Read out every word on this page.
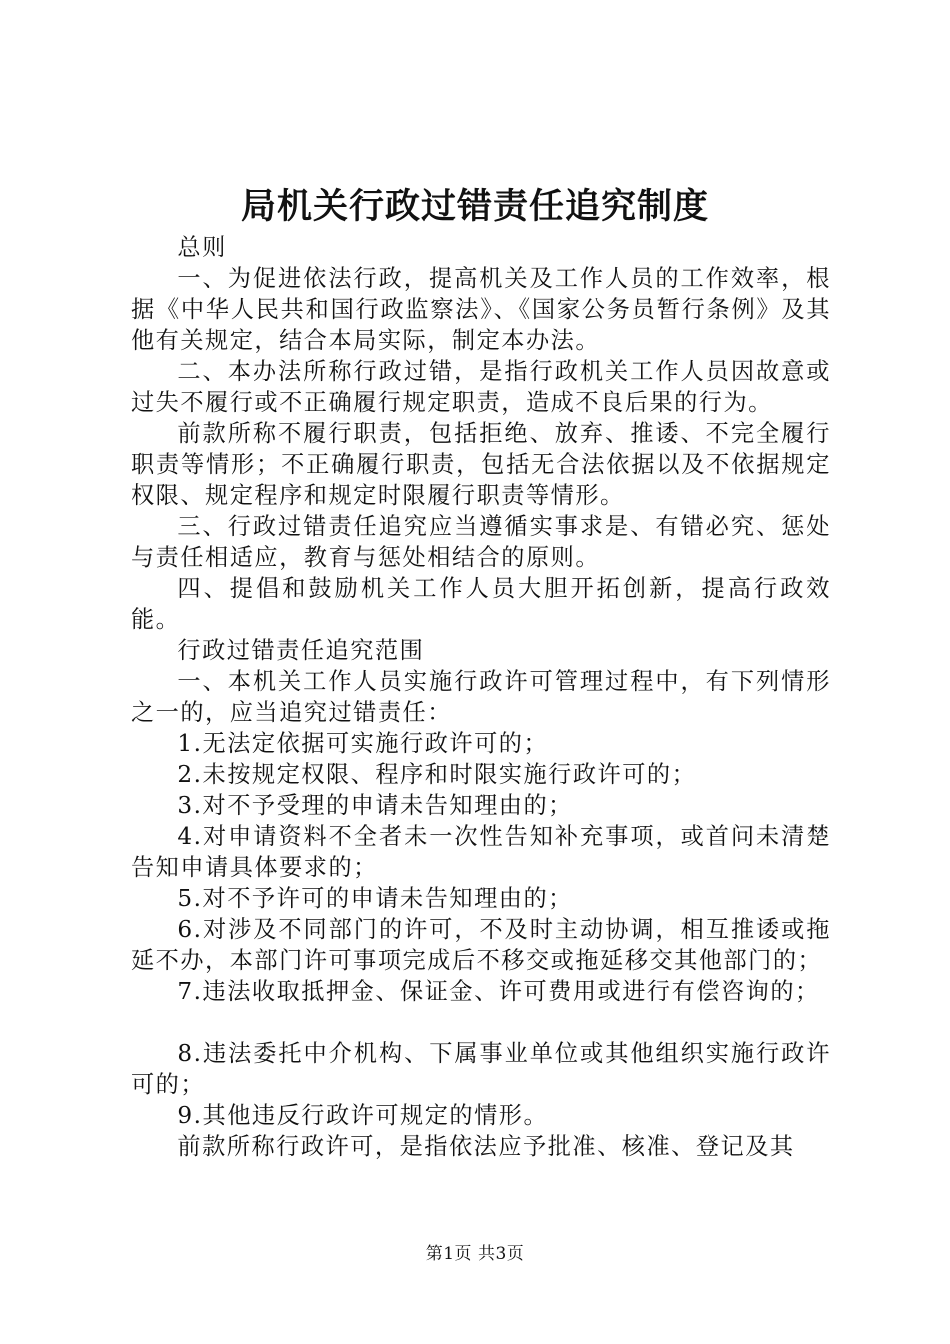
局机关行政过错责任追究制度

总则

一、为促进依法行政，提高机关及工作人员的工作效率，根据《中华人民共和国行政监察法》、《国家公务员暂行条例》及其他有关规定，结合本局实际，制定本办法。

二、本办法所称行政过错，是指行政机关工作人员因故意或过失不履行或不正确履行规定职责，造成不良后果的行为。

前款所称不履行职责，包括拒绝、放弃、推诿、不完全履行职责等情形；不正确履行职责，包括无合法依据以及不依据规定权限、规定程序和规定时限履行职责等情形。

三、行政过错责任追究应当遵循实事求是、有错必究、惩处与责任相适应，教育与惩处相结合的原则。

四、提倡和鼓励机关工作人员大胆开拓创新，提高行政效能。

行政过错责任追究范围

一、本机关工作人员实施行政许可管理过程中，有下列情形之一的，应当追究过错责任：

1.无法定依据可实施行政许可的；

2.未按规定权限、程序和时限实施行政许可的；

3.对不予受理的申请未告知理由的；

4.对申请资料不全者未一次性告知补充事项，或首问未清楚告知申请具体要求的；

5.对不予许可的申请未告知理由的；

6.对涉及不同部门的许可，不及时主动协调，相互推诿或拖延不办，本部门许可事项完成后不移交或拖延移交其他部门的；

7.违法收取抵押金、保证金、许可费用或进行有偿咨询的；

8.违法委托中介机构、下属事业单位或其他组织实施行政许可的；

9.其他违反行政许可规定的情形。

前款所称行政许可，是指依法应予批准、核准、登记及其

第1页 共3页
